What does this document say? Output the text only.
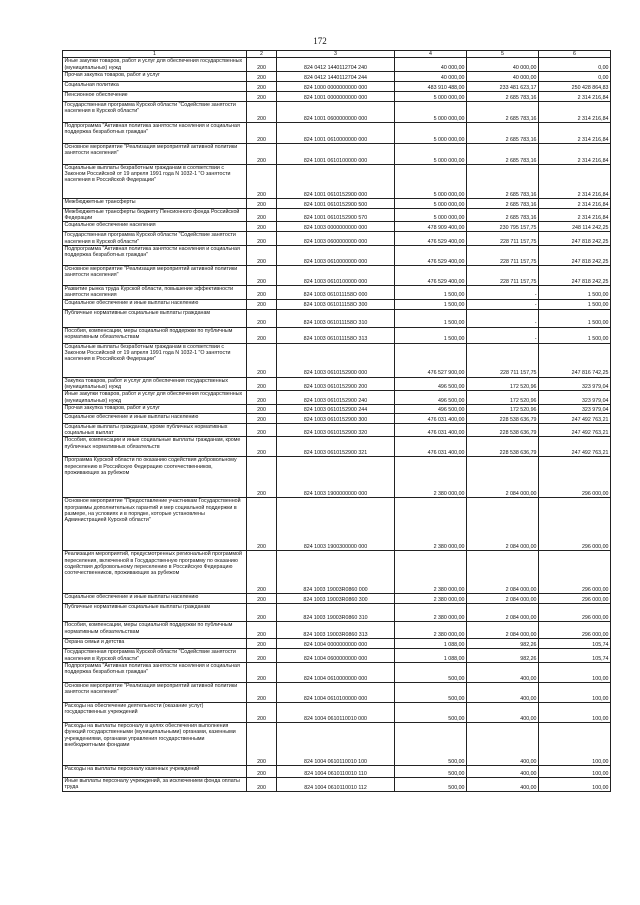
172
1	2	3	4	5	6
Иные закупки товаров, работ и услуг для обеспечения государственных (муниципальных) нужд	200	824 0412 1440112704 240	40 000,00	40 000,00	0,00
Прочая закупка товаров, работ и услуг	200	824 0412 1440112704 244	40 000,00	40 000,00	0,00
Социальная политика	200	824 1000 0000000000 000	483 910 488,00	233 481 623,17	250 428 864,83
Пенсионное обеспечение	200	824 1001 0000000000 000	5 000 000,00	2 685 783,16	2 314 216,84
Государственная программа Курской области "Содействие занятости населения в Курской области"	200	824 1001 0600000000 000	5 000 000,00	2 685 783,16	2 314 216,84
Подпрограмма "Активная политика занятости населения и социальная поддержка безработных граждан"	200	824 1001 0610000000 000	5 000 000,00	2 685 783,16	2 314 216,84
Основное мероприятие "Реализация мероприятий активной политики занятости населения"	200	824 1001 0610100000 000	5 000 000,00	2 685 783,16	2 314 216,84
Социальные выплаты безработным гражданам в соответствии с Законом Российской от 19 апреля 1991 года N 1032-1 "О занятости населения в Российской Федерации"	200	824 1001 0610152900 000	5 000 000,00	2 685 783,16	2 314 216,84
Межбюджетные трансферты	200	824 1001 0610152900 500	5 000 000,00	2 685 783,16	2 314 216,84
Межбюджетные трансферты бюджету Пенсионного фонда Российской Федерации	200	824 1001 0610152900 570	5 000 000,00	2 685 783,16	2 314 216,84
Социальное обеспечение населения	200	824 1003 0000000000 000	478 909 400,00	230 795 157,75	248 114 242,25
Государственная программа Курской области "Содействие занятости населения в Курской области"	200	824 1003 0600000000 000	476 529 400,00	228 711 157,75	247 818 242,25
Подпрограмма "Активная политика занятости населения и социальная поддержка безработных граждан"	200	824 1003 0610000000 000	476 529 400,00	228 711 157,75	247 818 242,25
Основное мероприятие "Реализация мероприятий активной политики занятости населения"	200	824 1003 0610100000 000	476 529 400,00	228 711 157,75	247 818 242,25
Развитие рынка труда Курской области, повышение эффективности занятости населения	200	824 1003 061011158О 000	1 500,00	-	1 500,00
Социальное обеспечение и иные выплаты населению	200	824 1003 061011158О 300	1 500,00	-	1 500,00
Публичные нормативные социальные выплаты гражданам	200	824 1003 061011158О 310	1 500,00	-	1 500,00
Пособия, компенсации, меры социальной поддержки по публичным нормативным обязательствам	200	824 1003 061011158О 313	1 500,00	-	1 500,00
Социальные выплаты безработным гражданам в соответствии с Законом Российской от 19 апреля 1991 года N 1032-1 "О занятости населения в Российской Федерации"	200	824 1003 0610152900 000	476 527 900,00	228 711 157,75	247 816 742,25
Закупка товаров, работ и услуг для обеспечения государственных (муниципальных) нужд	200	824 1003 0610152900 200	496 500,00	172 520,96	323 979,04
Иные закупки товаров, работ и услуг для обеспечения государственных (муниципальных) нужд	200	824 1003 0610152900 240	496 500,00	172 520,96	323 979,04
Прочая закупка товаров, работ и услуг	200	824 1003 0610152900 244	496 500,00	172 520,96	323 979,04
Социальное обеспечение и иные выплаты населению	200	824 1003 0610152900 300	476 031 400,00	228 538 636,79	247 492 763,21
Социальные выплаты гражданам, кроме публичных нормативных социальных выплат	200	824 1003 0610152900 320	476 031 400,00	228 538 636,79	247 492 763,21
Пособия, компенсации и иные социальные выплаты гражданам, кроме публичных нормативных обязательств	200	824 1003 0610152900 321	476 031 400,00	228 538 636,79	247 492 763,21
Программа Курской области по оказанию содействия добровольному переселению в Российскую Федерацию соотечественников, проживающих за рубежом	200	824 1003 1900000000 000	2 380 000,00	2 084 000,00	296 000,00
Основное мероприятие "Предоставление участникам Государственной программы дополнительных гарантий и мер социальной поддержки в размере, на условиях и в порядке, которые установлены Администрацией Курской области"	200	824 1003 1900300000 000	2 380 000,00	2 084 000,00	296 000,00
Реализация мероприятий, предусмотренных региональной программой переселения, включенной в Государственную программу по оказанию содействия добровольному переселению в Российскую Федерацию соотечественников, проживающих за рубежом	200	824 1003 19003R0860 000	2 380 000,00	2 084 000,00	296 000,00
Социальное обеспечение и иные выплаты населению	200	824 1003 19003R0860 300	2 380 000,00	2 084 000,00	296 000,00
Публичные нормативные социальные выплаты гражданам	200	824 1003 19003R0860 310	2 380 000,00	2 084 000,00	296 000,00
Пособия, компенсации, меры социальной поддержки по публичным нормативным обязательствам	200	824 1003 19003R0860 313	2 380 000,00	2 084 000,00	296 000,00
Охрана семьи и детства	200	824 1004 0000000000 000	1 088,00	982,26	105,74
Государственная программа Курской области "Содействие занятости населения в Курской области"	200	824 1004 0600000000 000	1 088,00	982,26	105,74
Подпрограмма "Активная политика занятости населения и социальная поддержка безработных граждан"	200	824 1004 0610000000 000	500,00	400,00	100,00
Основное мероприятие "Реализация мероприятий активной политики занятости населения"	200	824 1004 0610100000 000	500,00	400,00	100,00
Расходы на обеспечение деятельности (оказание услуг) государственных учреждений	200	824 1004 0610110010 000	500,00	400,00	100,00
Расходы на выплаты персоналу в целях обеспечения выполнения функций государственными (муниципальными) органами, казенными учреждениями, органами управления государственными внебюджетными фондами	200	824 1004 0610110010 100	500,00	400,00	100,00
Расходы на выплаты персоналу казенных учреждений	200	824 1004 0610110010 110	500,00	400,00	100,00
Иные выплаты персоналу учреждений, за исключением фонда оплаты труда	200	824 1004 0610110010 112	500,00	400,00	100,00
